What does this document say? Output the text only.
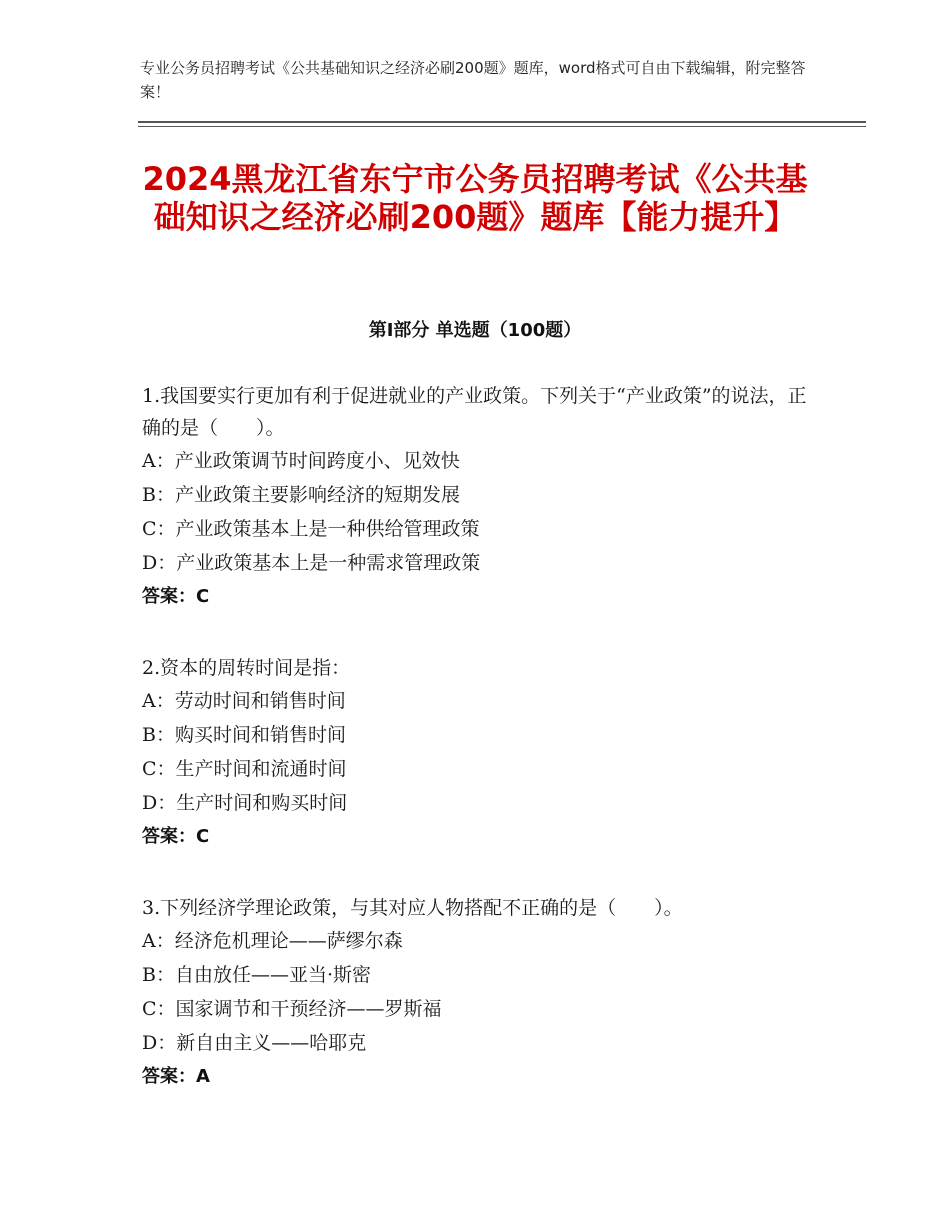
专业公务员招聘考试《公共基础知识之经济必刷200题》题库，word格式可自由下载编辑，附完整答案！
2024黑龙江省东宁市公务员招聘考试《公共基础知识之经济必刷200题》题库【能力提升】
第Ⅰ部分 单选题（100题）
1.我国要实行更加有利于促进就业的产业政策。下列关于“产业政策”的说法，正确的是（　　）。
A：产业政策调节时间跨度小、见效快
B：产业政策主要影响经济的短期发展
C：产业政策基本上是一种供给管理政策
D：产业政策基本上是一种需求管理政策
答案：C
2.资本的周转时间是指：
A：劳动时间和销售时间
B：购买时间和销售时间
C：生产时间和流通时间
D：生产时间和购买时间
答案：C
3.下列经济学理论政策，与其对应人物搭配不正确的是（　　）。
A：经济危机理论——萨缪尔森
B：自由放任——亚当·斯密
C：国家调节和干预经济——罗斯福
D：新自由主义——哈耶克
答案：A
